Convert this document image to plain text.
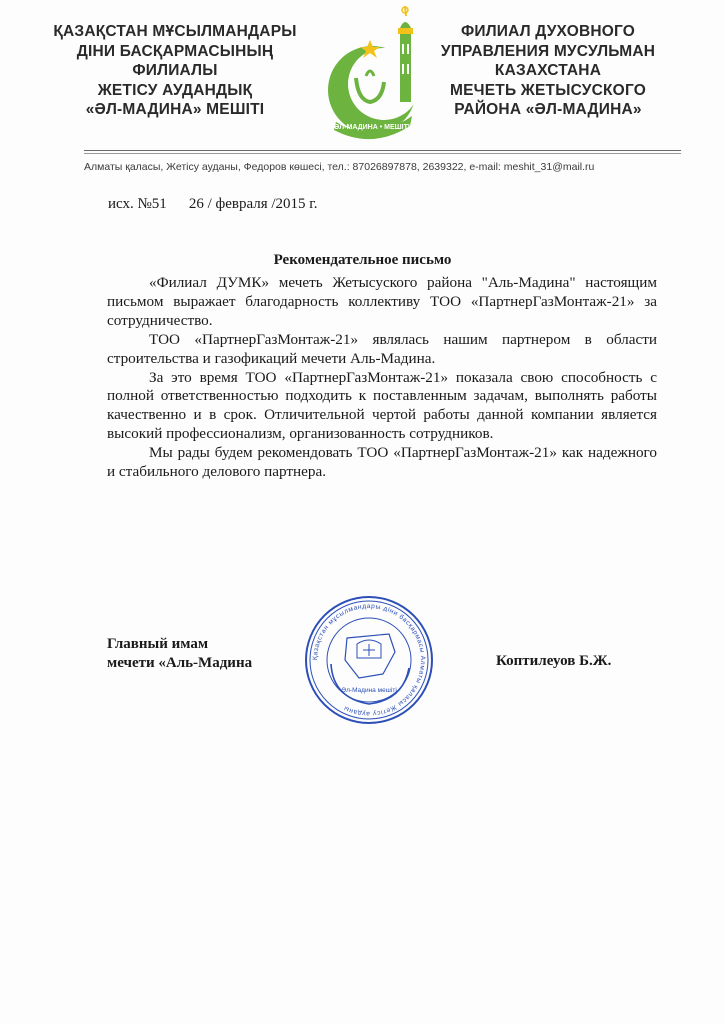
ҚАЗАҚСТАН МҰСЫЛМАНДАРЫ
ДІНИ БАСҚАРМАСЫНЫҢ
ФИЛИАЛЫ
ЖЕТІСУ АУДАНДЫҚ
«ӘЛ-МАДИНА» МЕШІТІ
ӘЛ-МАДИНА • МЕШІТІ
ФИЛИАЛ ДУХОВНОГО
УПРАВЛЕНИЯ МУСУЛЬМАН
КАЗАХСТАНА
МЕЧЕТЬ ЖЕТЫСУСКОГО
РАЙОНА «ӘЛ-МАДИНА»
Алматы қаласы, Жетісу ауданы, Федоров көшесі, тел.: 87026897878, 2639322, e-mail: meshit_31@mail.ru
исх. №51 26 / февраля /2015 г.
Рекомендательное письмо

«Филиал ДУМК» мечеть Жетысуского района "Аль-Мадина" настоящим письмом выражает благодарность коллективу ТОО «ПартнерГазМонтаж-21» за сотрудничество.

ТОО «ПартнерГазМонтаж-21» являлась нашим партнером в области строительства и газофикаций мечети Аль-Мадина.

За это время ТОО «ПартнерГазМонтаж-21» показала свою способность с полной ответственностью подходить к поставленным задачам, выполнять работы качественно и в срок. Отличительной чертой работы данной компании является высокий профессионализм, организованность сотрудников.

Мы рады будем рекомендовать ТОО «ПартнерГазМонтаж-21» как надежного и стабильного делового партнера.

Главный имам
мечети «Аль-Мадина	Қазақстан мұсылмандары діни басқармасы Алматы қаласы Жетісу ауданы
Әл-Мадина мешіті
Коптилеуов Б.Ж.
